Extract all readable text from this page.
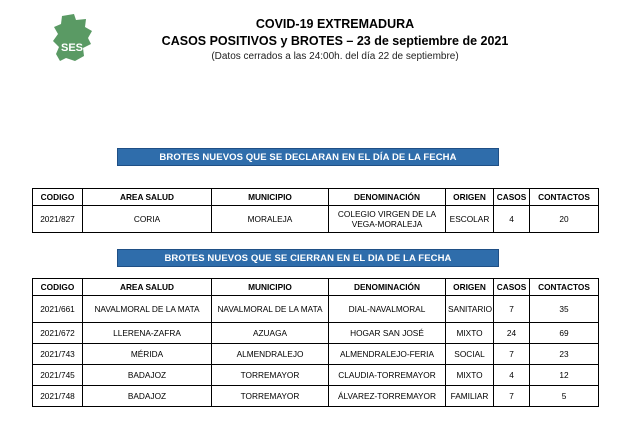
SES
COVID-19 EXTREMADURA
CASOS POSITIVOS y BROTES – 23 de septiembre de 2021
(Datos cerrados a las 24:00h. del día 22 de septiembre)
BROTES NUEVOS QUE SE DECLARAN EN EL DÍA DE LA FECHA
CODIGO	AREA SALUD	MUNICIPIO	DENOMINACIÓN	ORIGEN	CASOS	CONTACTOS
2021/827	CORIA	MORALEJA	COLEGIO VIRGEN DE LA VEGA-MORALEJA	ESCOLAR	4	20
BROTES NUEVOS QUE SE CIERRAN EN EL DIA DE LA FECHA
CODIGO	AREA SALUD	MUNICIPIO	DENOMINACIÓN	ORIGEN	CASOS	CONTACTOS
2021/661	NAVALMORAL DE LA MATA	NAVALMORAL DE LA MATA	DIAL-NAVALMORAL	SANITARIO	7	35
2021/672	LLERENA-ZAFRA	AZUAGA	HOGAR SAN JOSÉ	MIXTO	24	69
2021/743	MÉRIDA	ALMENDRALEJO	ALMENDRALEJO-FERIA	SOCIAL	7	23
2021/745	BADAJOZ	TORREMAYOR	CLAUDIA-TORREMAYOR	MIXTO	4	12
2021/748	BADAJOZ	TORREMAYOR	ÁLVAREZ-TORREMAYOR	FAMILIAR	7	5
